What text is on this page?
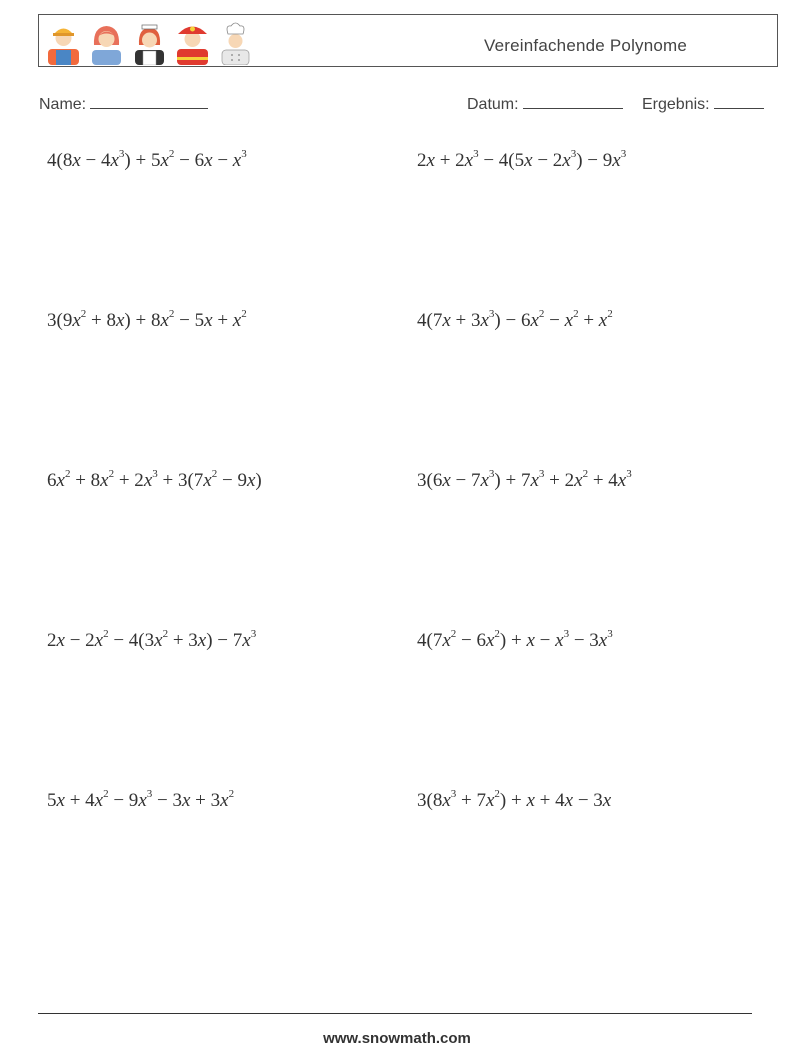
Vereinfachende Polynome
Name:	Datum:	Ergebnis:
$4(8x - 4x^3) + 5x^2 - 6x - x^3$	$2x + 2x^3 - 4(5x - 2x^3) - 9x^3$
$3(9x^2 + 8x) + 8x^2 - 5x + x^2$	$4(7x + 3x^3) - 6x^2 - x^2 + x^2$
$6x^2 + 8x^2 + 2x^3 + 3(7x^2 - 9x)$	$3(6x - 7x^3) + 7x^3 + 2x^2 + 4x^3$
$2x - 2x^2 - 4(3x^2 + 3x) - 7x^3$	$4(7x^2 - 6x^2) + x - x^3 - 3x^3$
$5x + 4x^2 - 9x^3 - 3x + 3x^2$	$3(8x^3 + 7x^2) + x + 4x - 3x$
www.snowmath.com
